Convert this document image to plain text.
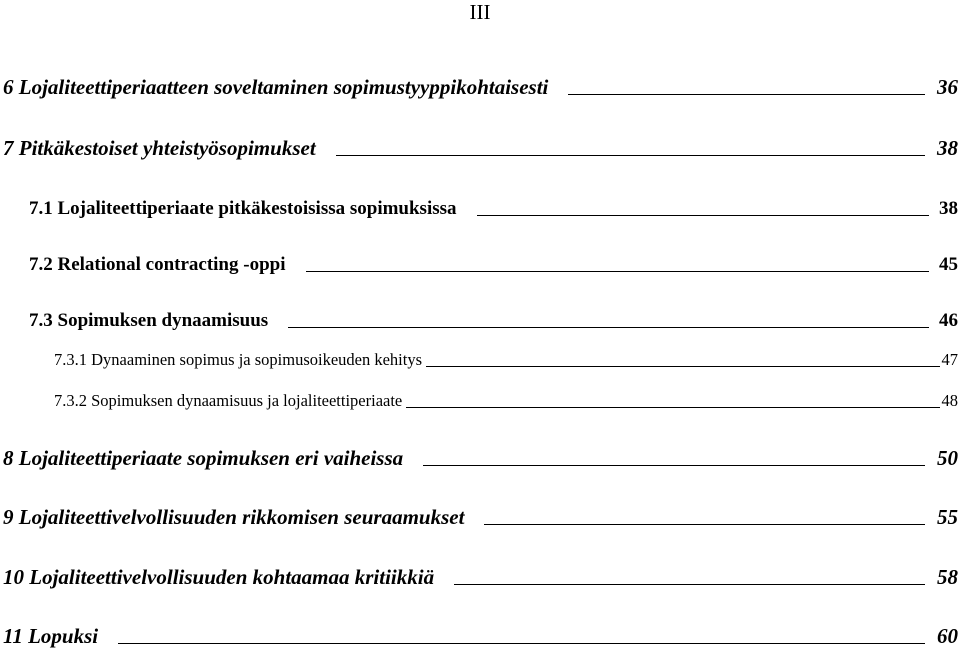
III
6 Lojaliteettiperiaatteen soveltaminen sopimustyyppikohtaisesti	36
7 Pitkäkestoiset yhteistyösopimukset	38
7.1 Lojaliteettiperiaate pitkäkestoisissa sopimuksissa	38
7.2 Relational contracting -oppi	45
7.3 Sopimuksen dynaamisuus	46
7.3.1 Dynaaminen sopimus ja sopimusoikeuden kehitys	47
7.3.2 Sopimuksen dynaamisuus ja lojaliteettiperiaate	48
8 Lojaliteettiperiaate sopimuksen eri vaiheissa	50
9 Lojaliteettivelvollisuuden rikkomisen seuraamukset	55
10 Lojaliteettivelvollisuuden kohtaamaa kritiikkiä	58
11 Lopuksi	60
